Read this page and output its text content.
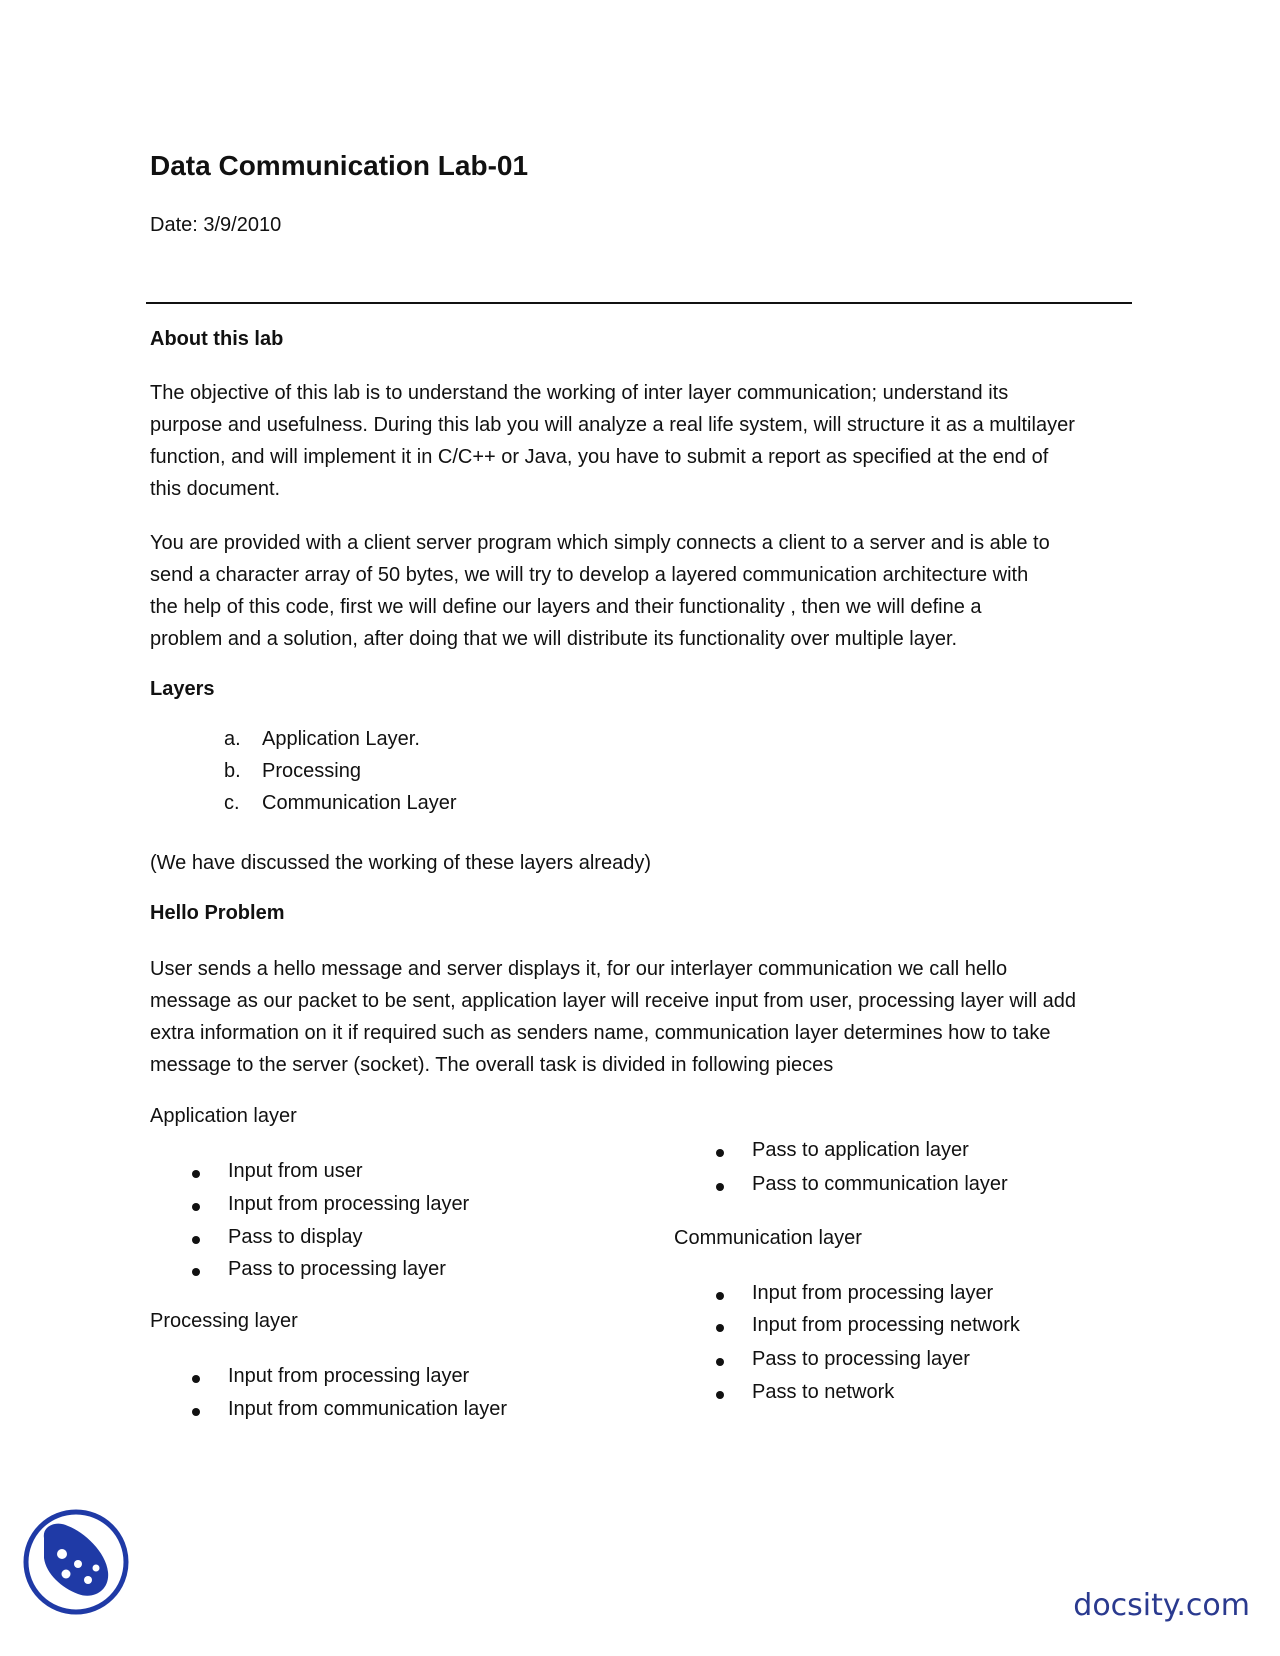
Data Communication Lab-01
Date: 3/9/2010
About this lab
The objective of this lab is to understand the working of inter layer communication; understand its
purpose and usefulness. During this lab you will analyze a real life system, will structure it as a multilayer
function, and will implement it in C/C++ or Java, you have to submit a report as specified at the end of
this document.
You are provided with a client server program which simply connects a client to a server and is able to
send a character array of 50 bytes, we will try to develop a layered communication architecture with
the help of this code, first we will define our layers and their functionality , then we will define a
problem and a solution, after doing that we will distribute its functionality over multiple layer.
Layers
a. Application Layer.
b. Processing
c. Communication Layer
(We have discussed the working of these layers already)
Hello Problem
User sends a hello message and server displays it, for our interlayer communication we call hello
message as our packet to be sent, application layer will receive input from user, processing layer will add
extra information on it if required such as senders name, communication layer determines how to take
message to the server (socket). The overall task is divided in following pieces
Application layer
Input from user
Input from processing layer
Pass to display
Pass to processing layer
Processing layer
Input from processing layer
Input from communication layer
Pass to application layer
Pass to communication layer
Communication layer
Input from processing layer
Input from processing network
Pass to processing layer
Pass to network
docsity.com
